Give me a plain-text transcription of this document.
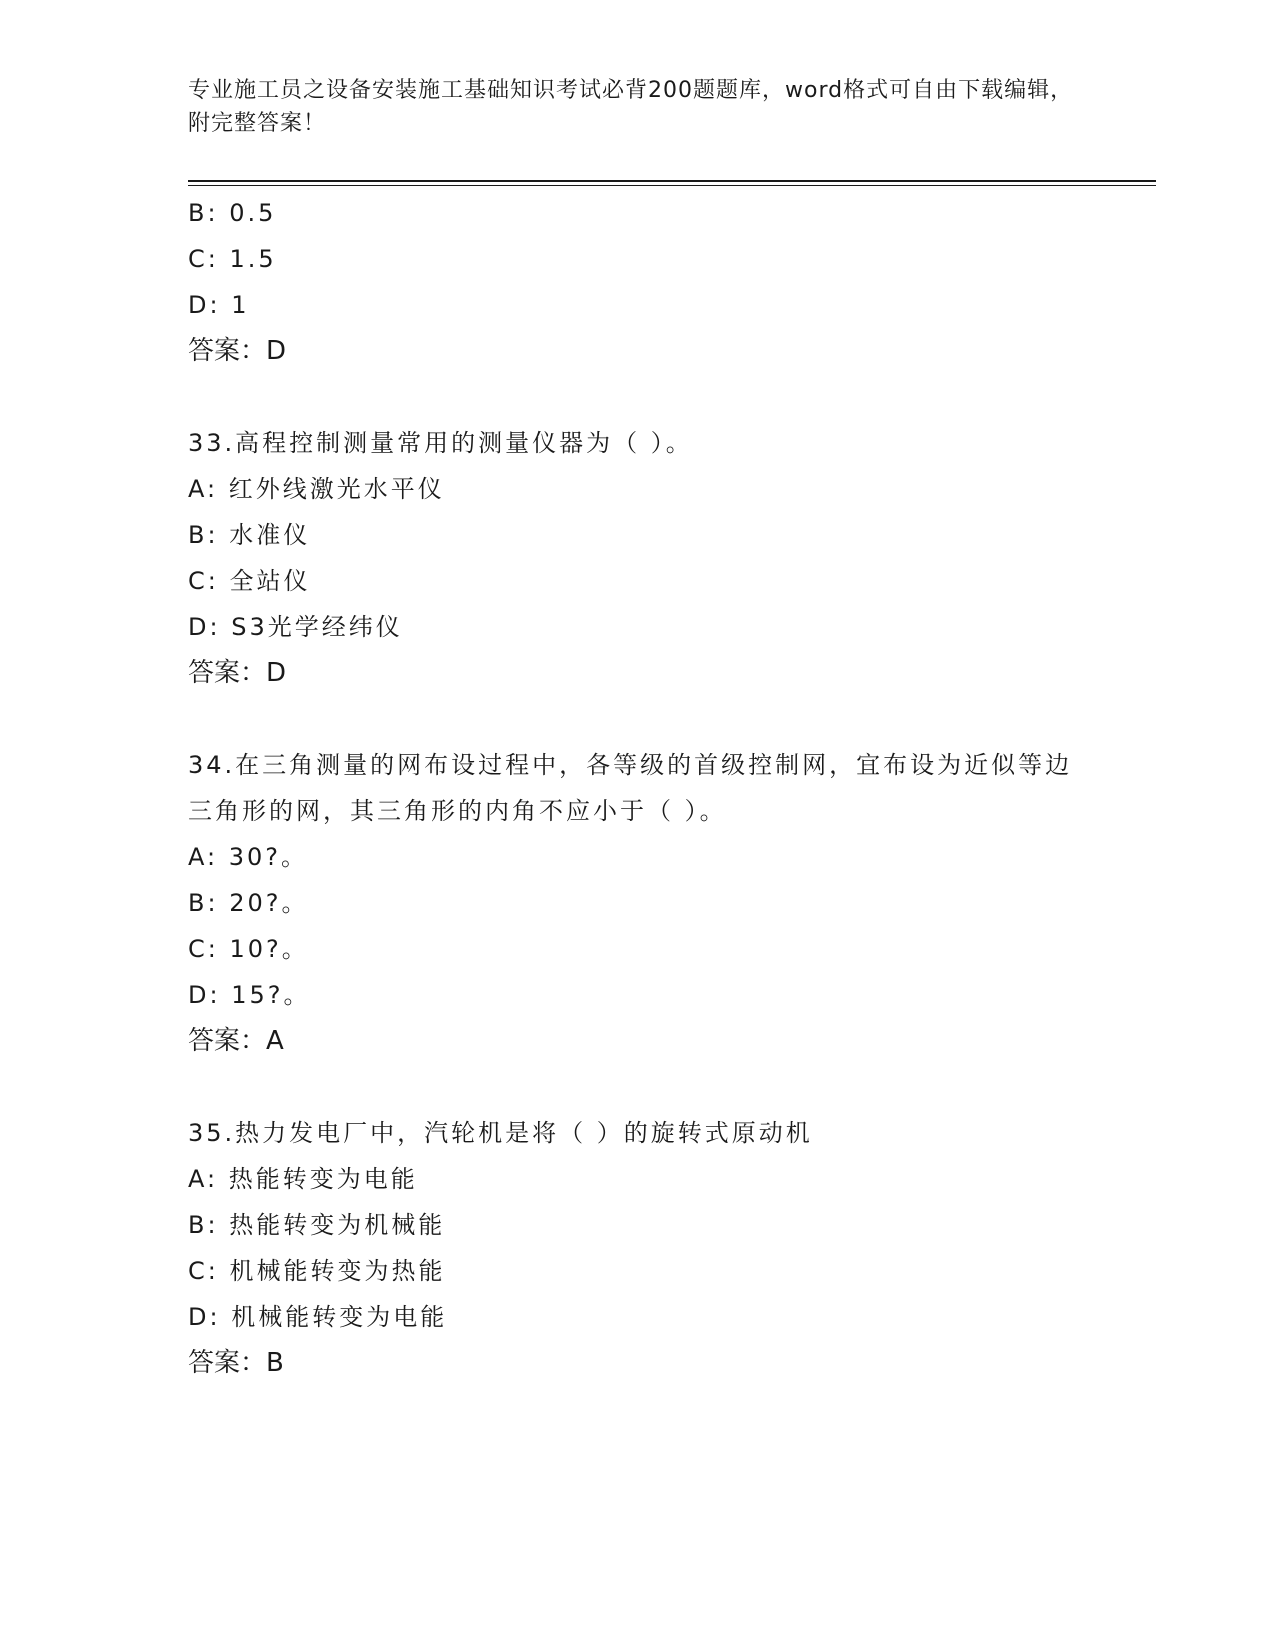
专业施工员之设备安装施工基础知识考试必背200题题库，word格式可自由下载编辑，附完整答案！
B: 0.5
C: 1.5
D: 1
答案：D
33.高程控制测量常用的测量仪器为（ ）。
A: 红外线激光水平仪
B: 水准仪
C: 全站仪
D: S3光学经纬仪
答案：D
34.在三角测量的网布设过程中，各等级的首级控制网，宜布设为近似等边三角形的网，其三角形的内角不应小于（ ）。
A: 30?。
B: 20?。
C: 10?。
D: 15?。
答案：A
35.热力发电厂中，汽轮机是将（ ）的旋转式原动机
A: 热能转变为电能
B: 热能转变为机械能
C: 机械能转变为热能
D: 机械能转变为电能
答案：B
